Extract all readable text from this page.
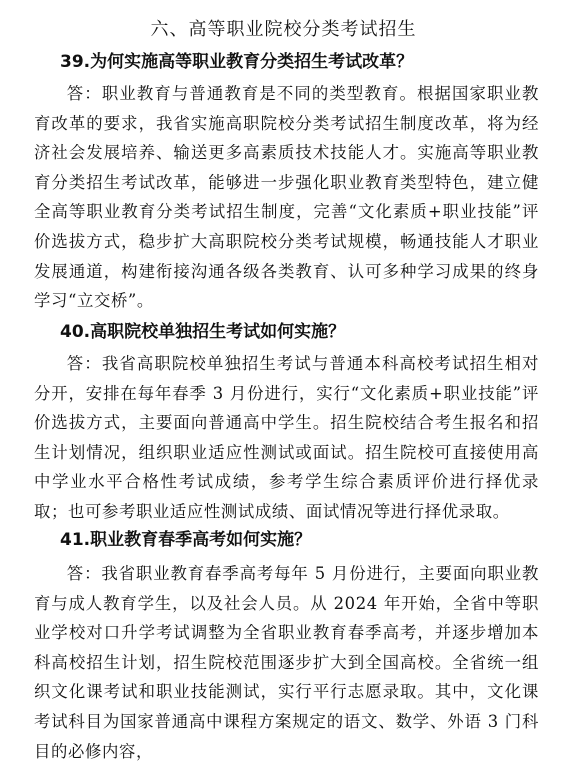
六、高等职业院校分类考试招生
39.为何实施高等职业教育分类招生考试改革？

答：职业教育与普通教育是不同的类型教育。根据国家职业教育改革的要求，我省实施高职院校分类考试招生制度改革，将为经济社会发展培养、输送更多高素质技术技能人才。实施高等职业教育分类招生考试改革，能够进一步强化职业教育类型特色，建立健全高等职业教育分类考试招生制度，完善“文化素质+职业技能”评价选拔方式，稳步扩大高职院校分类考试规模，畅通技能人才职业发展通道，构建衔接沟通各级各类教育、认可多种学习成果的终身学习“立交桥”。

40.高职院校单独招生考试如何实施？

答：我省高职院校单独招生考试与普通本科高校考试招生相对分开，安排在每年春季 3 月份进行，实行“文化素质+职业技能”评价选拔方式，主要面向普通高中学生。招生院校结合考生报名和招生计划情况，组织职业适应性测试或面试。招生院校可直接使用高中学业水平合格性考试成绩，参考学生综合素质评价进行择优录取；也可参考职业适应性测试成绩、面试情况等进行择优录取。

41.职业教育春季高考如何实施？

答：我省职业教育春季高考每年 5 月份进行，主要面向职业教育与成人教育学生，以及社会人员。从 2024 年开始，全省中等职业学校对口升学考试调整为全省职业教育春季高考，并逐步增加本科高校招生计划，招生院校范围逐步扩大到全国高校。全省统一组织文化课考试和职业技能测试，实行平行志愿录取。其中，文化课考试科目为国家普通高中课程方案规定的语文、数学、外语 3 门科目的必修内容，
